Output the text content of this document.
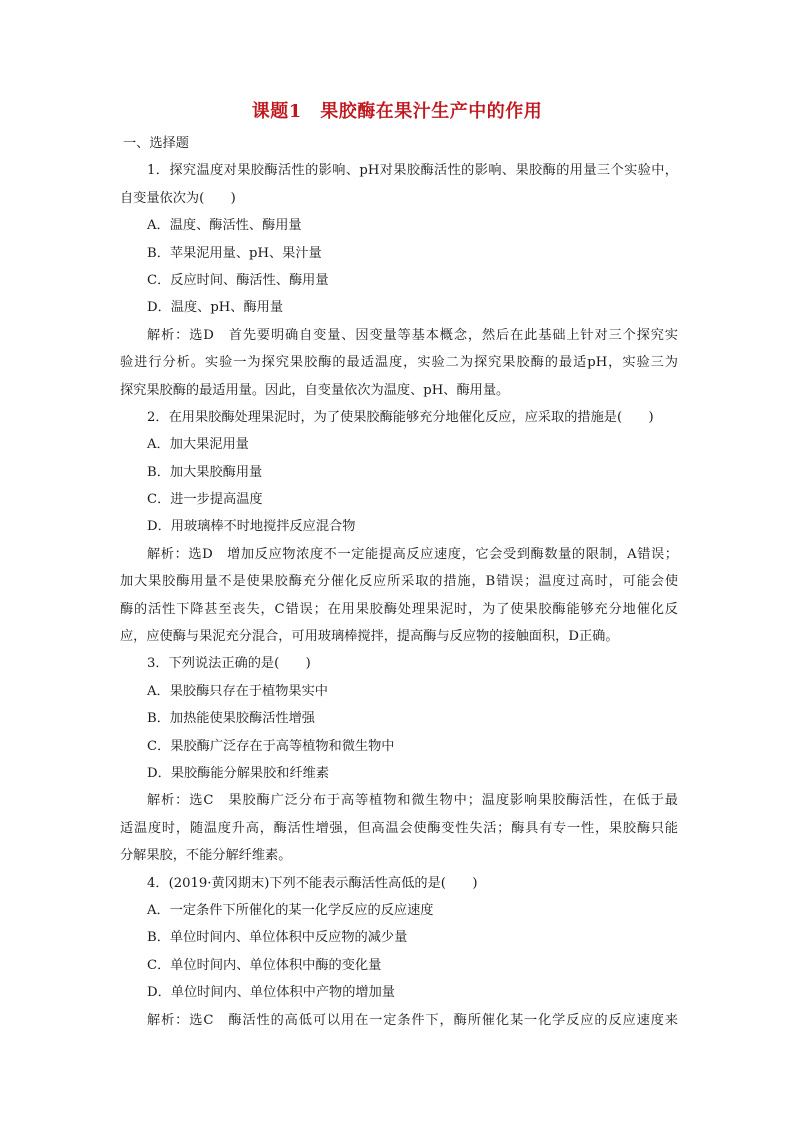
课题1　果胶酶在果汁生产中的作用
一、选择题
1．探究温度对果胶酶活性的影响、pH对果胶酶活性的影响、果胶酶的用量三个实验中，
自变量依次为(　　)
A．温度、酶活性、酶用量
B．苹果泥用量、pH、果汁量
C．反应时间、酶活性、酶用量
D．温度、pH、酶用量
解析：选D　首先要明确自变量、因变量等基本概念，然后在此基础上针对三个探究实
验进行分析。实验一为探究果胶酶的最适温度，实验二为探究果胶酶的最适pH，实验三为
探究果胶酶的最适用量。因此，自变量依次为温度、pH、酶用量。
2．在用果胶酶处理果泥时，为了使果胶酶能够充分地催化反应，应采取的措施是(　　)
A．加大果泥用量
B．加大果胶酶用量
C．进一步提高温度
D．用玻璃棒不时地搅拌反应混合物
解析：选D　增加反应物浓度不一定能提高反应速度，它会受到酶数量的限制，A错误；
加大果胶酶用量不是使果胶酶充分催化反应所采取的措施，B错误；温度过高时，可能会使
酶的活性下降甚至丧失，C错误；在用果胶酶处理果泥时，为了使果胶酶能够充分地催化反
应，应使酶与果泥充分混合，可用玻璃棒搅拌，提高酶与反应物的接触面积，D正确。
3．下列说法正确的是(　　)
A．果胶酶只存在于植物果实中
B．加热能使果胶酶活性增强
C．果胶酶广泛存在于高等植物和微生物中
D．果胶酶能分解果胶和纤维素
解析：选C　果胶酶广泛分布于高等植物和微生物中；温度影响果胶酶活性，在低于最
适温度时，随温度升高，酶活性增强，但高温会使酶变性失活；酶具有专一性，果胶酶只能
分解果胶，不能分解纤维素。
4．(2019·黄冈期末)下列不能表示酶活性高低的是(　　)
A．一定条件下所催化的某一化学反应的反应速度
B．单位时间内、单位体积中反应物的减少量
C．单位时间内、单位体积中酶的变化量
D．单位时间内、单位体积中产物的增加量
解析：选C　酶活性的高低可以用在一定条件下，酶所催化某一化学反应的反应速度来
